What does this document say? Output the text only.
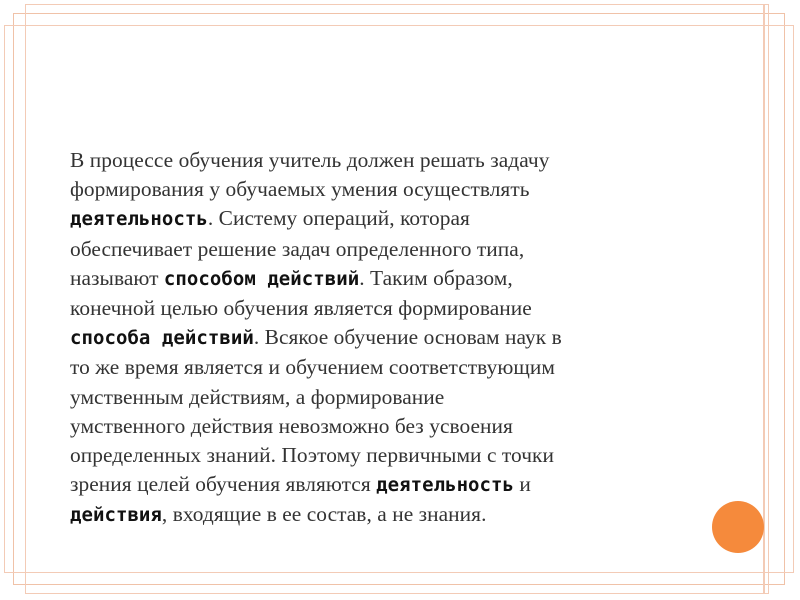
В процессе обучения учитель должен решать задачу
формирования у обучаемых умения осуществлять
деятельность. Систему операций, которая
обеспечивает решение задач определенного типа,
называют способом действий. Таким образом,
конечной целью обучения является формирование
способа действий. Всякое обучение основам наук в
то же время является и обучением соответствующим
умственным действиям, а формирование
умственного действия невозможно без усвоения
определенных знаний. Поэтому первичными с точки
зрения целей обучения являются деятельность и
действия, входящие в ее состав, а не знания.
